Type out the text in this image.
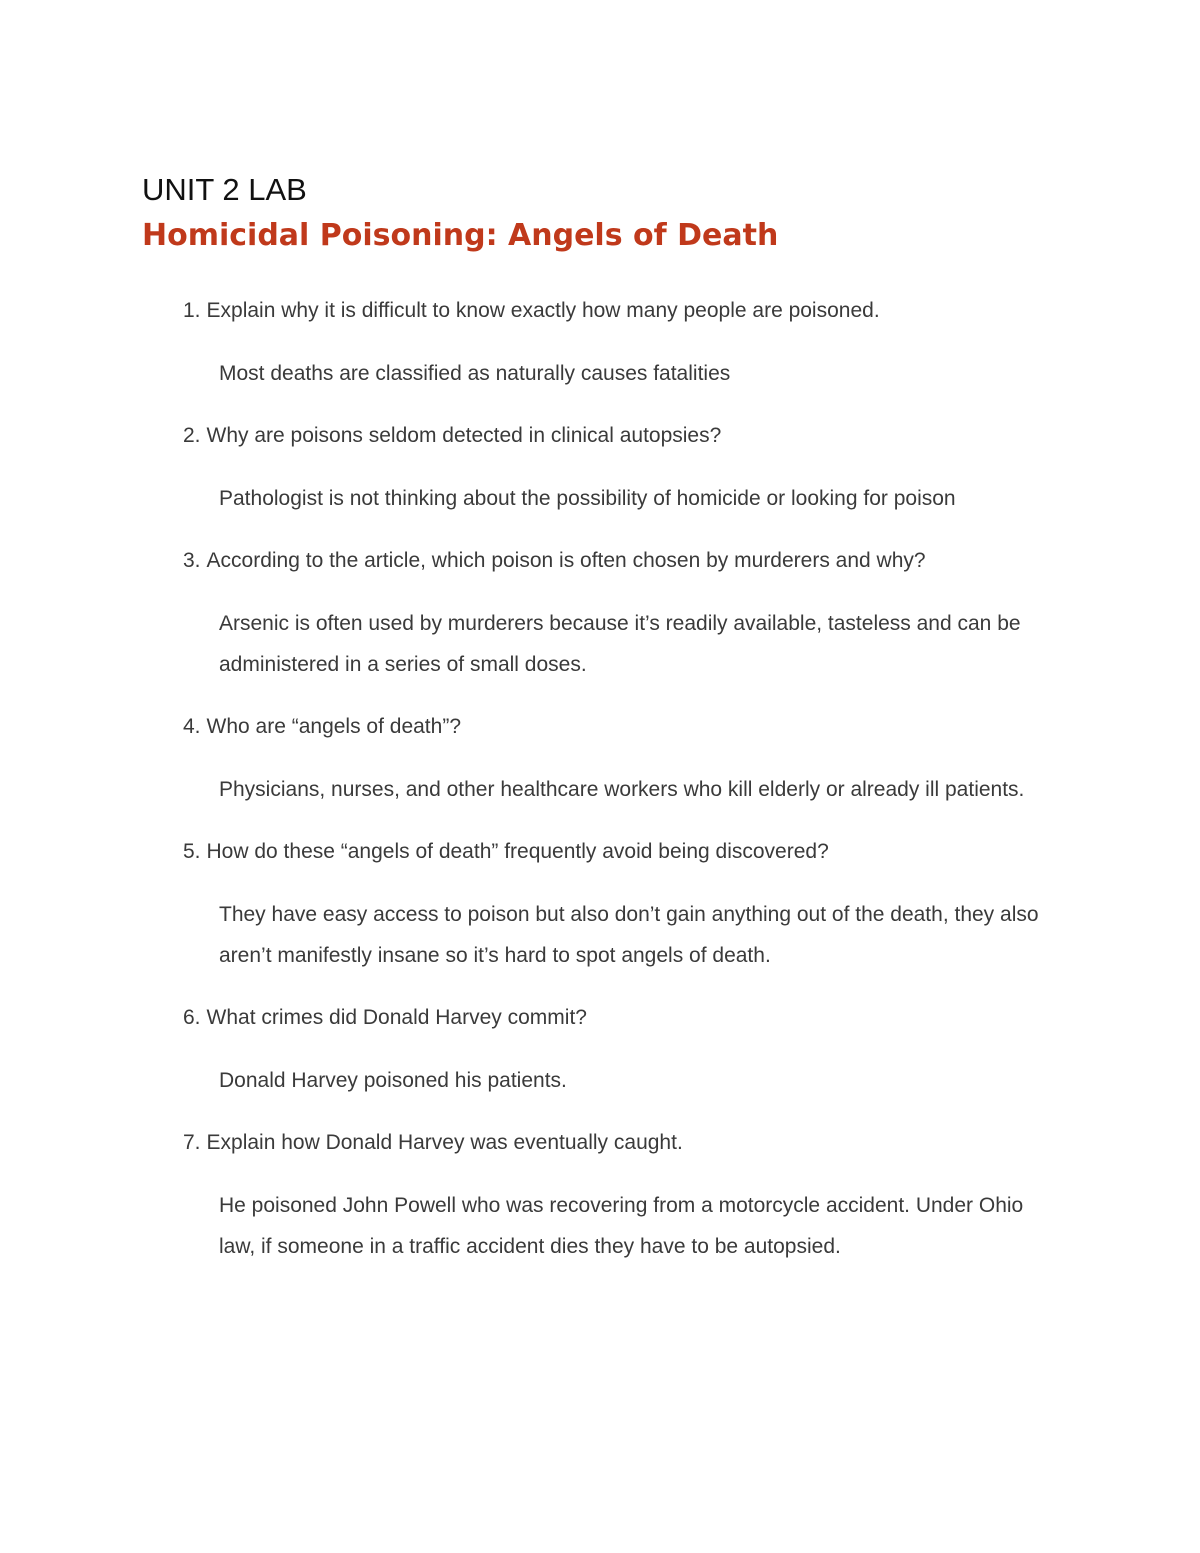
UNIT 2 LAB
Homicidal Poisoning: Angels of Death
1. Explain why it is difficult to know exactly how many people are poisoned.
Most deaths are classified as naturally causes fatalities
2. Why are poisons seldom detected in clinical autopsies?
Pathologist is not thinking about the possibility of homicide or looking for poison
3. According to the article, which poison is often chosen by murderers and why?
Arsenic is often used by murderers because it’s readily available, tasteless and can be administered in a series of small doses.
4. Who are “angels of death”?
Physicians, nurses, and other healthcare workers who kill elderly or already ill patients.
5. How do these “angels of death” frequently avoid being discovered?
They have easy access to poison but also don’t gain anything out of the death, they also aren’t manifestly insane so it’s hard to spot angels of death.
6. What crimes did Donald Harvey commit?
Donald Harvey poisoned his patients.
7. Explain how Donald Harvey was eventually caught.
He poisoned John Powell who was recovering from a motorcycle accident. Under Ohio law, if someone in a traffic accident dies they have to be autopsied.
